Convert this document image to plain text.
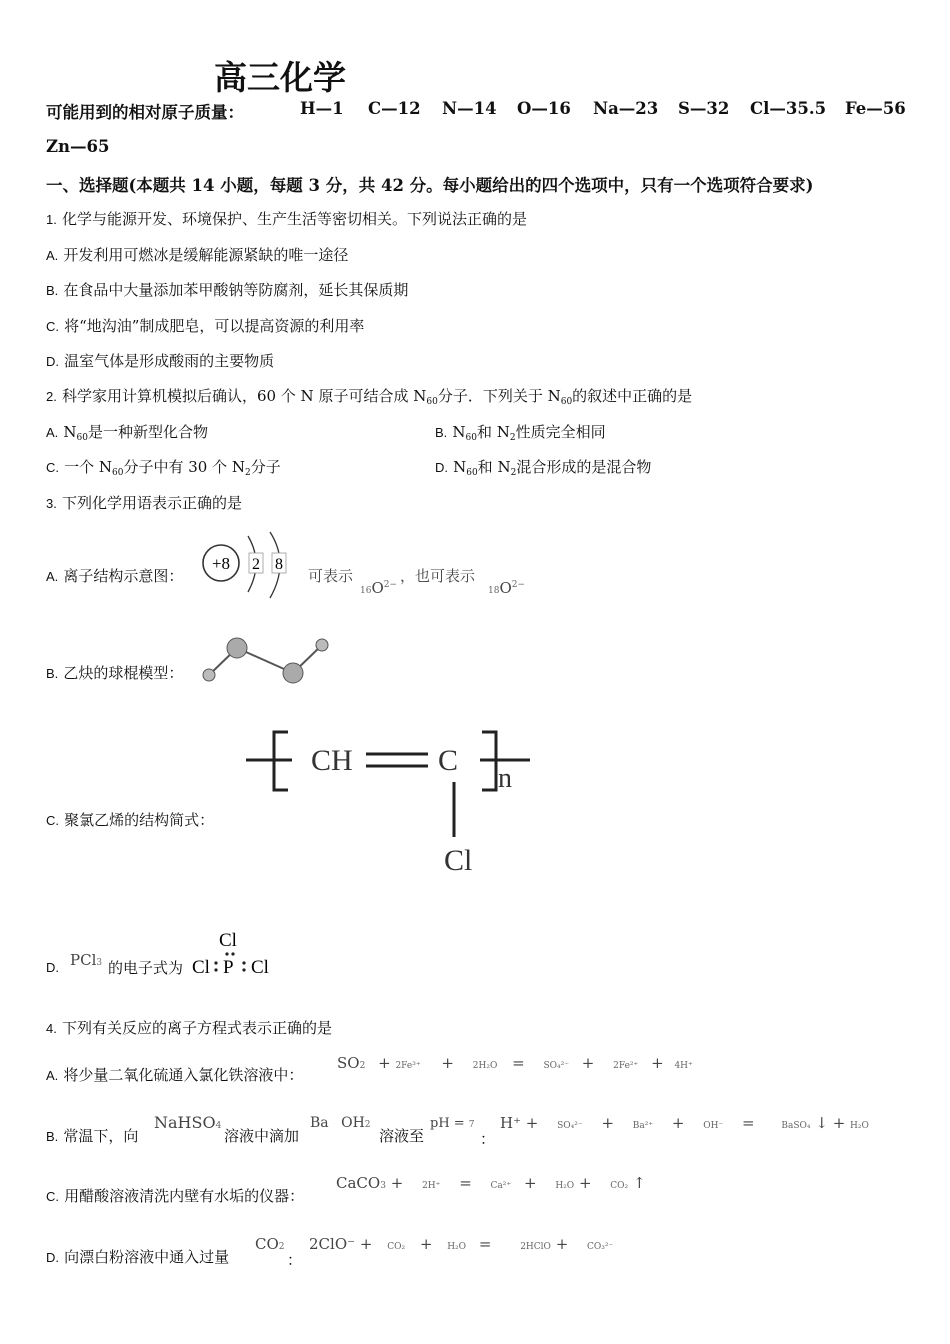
高三化学
可能用到的相对原子质量：	H—1 C—12 N—14 O—16 Na—23 S—32 Cl—35.5 Fe—56
Zn—65
一、选择题(本题共 14 小题，每题 3 分，共 42 分。每小题给出的四个选项中，只有一个选项符合要求)
1. 化学与能源开发、环境保护、生产生活等密切相关。下列说法正确的是
A. 开发利用可燃冰是缓解能源紧缺的唯一途径
B. 在食品中大量添加苯甲酸钠等防腐剂，延长其保质期
C. 将“地沟油”制成肥皂，可以提高资源的利用率
D. 温室气体是形成酸雨的主要物质
2. 科学家用计算机模拟后确认，60 个 N 原子可结合成 $N_{60}$分子．下列关于 $N_{60}$的叙述中正确的是
A. $N_{60}$是一种新型化合物	B. $N_{60}$和 $N_2$性质完全相同
C. 一个 $N_{60}$分子中有 30 个 $N_2$分子	D. $N_{60}$和 $N_2$混合形成的是混合物
3. 下列化学用语表示正确的是
A. 离子结构示意图：
+8 2 8
可表示
$16O^{2-}$ ，也可表示
$18O^{2-}$
B. 乙炔的球棍模型：
CH	C
n
Cl
C. 聚氯乙烯的结构简式：
D. PCl3 的电子式为
Cl
Cl P Cl
4. 下列有关反应的离子方程式表示正确的是
A. 将少量二氧化硫通入氯化铁溶液中：
SO2 + 2Fe³⁺ + 2H₂O = SO₄²⁻ + 2Fe²⁺ + 4H⁺
B. 常温下，向
NaHSO4
溶液中滴加
Ba OH2
溶液至
pH = 7
：
H⁺ + SO₄²⁻ + Ba²⁺ + OH⁻ =	BaSO₄ ↓ + H₂O
C. 用醋酸溶液清洗内壁有水垢的仪器：
CaCO3 + 2H⁺ = Ca²⁺ + H₂O + CO₂ ↑
D. 向漂白粉溶液中通入过量
CO2
：
2ClO⁻ + CO₂ + H₂O =	2HClO + CO₃²⁻
